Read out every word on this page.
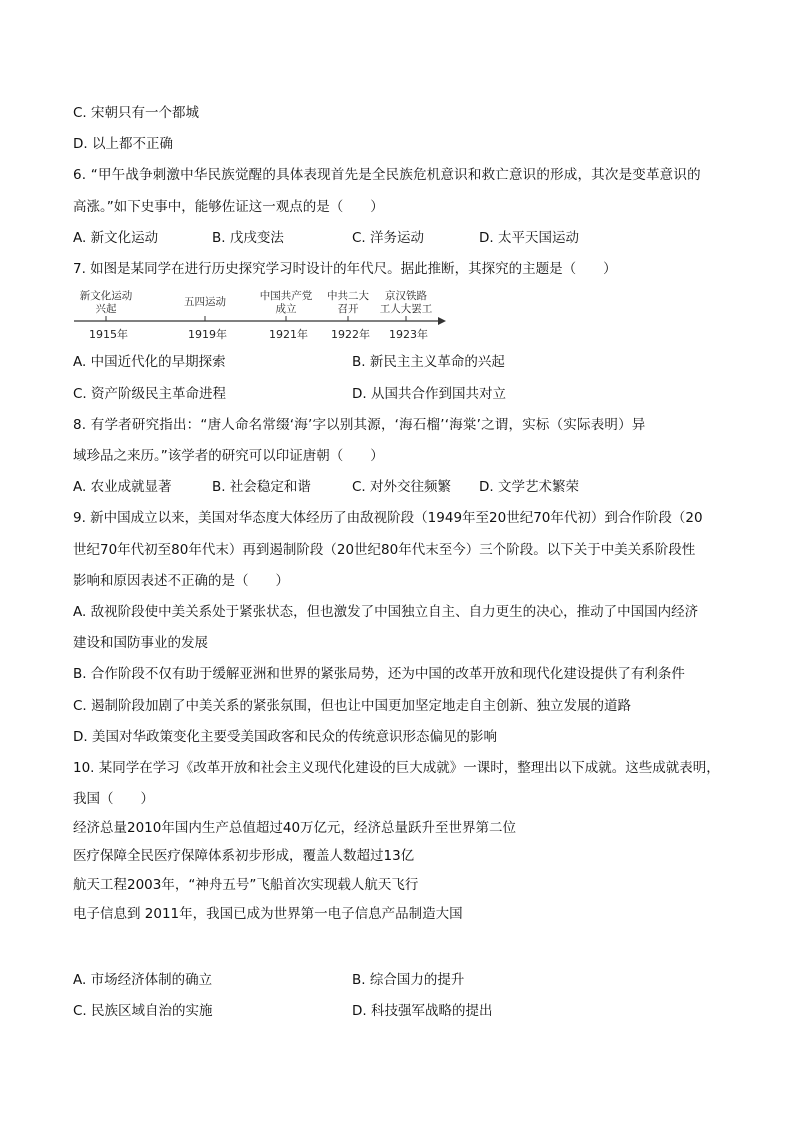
C. 宋朝只有一个都城
D. 以上都不正确
6. “甲午战争刺激中华民族觉醒的具体表现首先是全民族危机意识和救亡意识的形成，其次是变革意识的
高涨。”如下史事中，能够佐证这一观点的是（　　）
A. 新文化运动	B. 戊戌变法	C. 洋务运动	D. 太平天国运动
7. 如图是某同学在进行历史探究学习时设计的年代尺。据此推断，其探究的主题是（　　）
新文化运动
兴起
五四运动	中国共产党
成立
中共二大
召开
京汉铁路
工人大罢工
1915年	1919年	1921年 1922年 1923年
A. 中国近代化的早期探索	B. 新民主主义革命的兴起
C. 资产阶级民主革命进程	D. 从国共合作到国共对立
8. 有学者研究指出：“唐人命名常缀‘海’字以别其源，‘海石榴’‘海棠’之谓，实标（实际表明）异
域珍品之来历。”该学者的研究可以印证唐朝（　　）
A. 农业成就显著	B. 社会稳定和谐	C. 对外交往频繁 D. 文学艺术繁荣
9. 新中国成立以来，美国对华态度大体经历了由敌视阶段（1949年至20世纪70年代初）到合作阶段（20
世纪70年代初至80年代末）再到遏制阶段（20世纪80年代末至今）三个阶段。以下关于中美关系阶段性
影响和原因表述不正确的是（　　）
A. 敌视阶段使中美关系处于紧张状态，但也激发了中国独立自主、自力更生的决心，推动了中国国内经济
建设和国防事业的发展
B. 合作阶段不仅有助于缓解亚洲和世界的紧张局势，还为中国的改革开放和现代化建设提供了有利条件
C. 遏制阶段加剧了中美关系的紧张氛围，但也让中国更加坚定地走自主创新、独立发展的道路
D. 美国对华政策变化主要受美国政客和民众的传统意识形态偏见的影响
10. 某同学在学习《改革开放和社会主义现代化建设的巨大成就》一课时，整理出以下成就。这些成就表明，
我国（　　）
经济总量2010年国内生产总值超过40万亿元，经济总量跃升至世界第二位
医疗保障全民医疗保障体系初步形成，覆盖人数超过13亿
航天工程2003年，“神舟五号”飞船首次实现载人航天飞行
电子信息到 2011年，我国已成为世界第一电子信息产品制造大国
A. 市场经济体制的确立	B. 综合国力的提升
C. 民族区域自治的实施	D. 科技强军战略的提出
